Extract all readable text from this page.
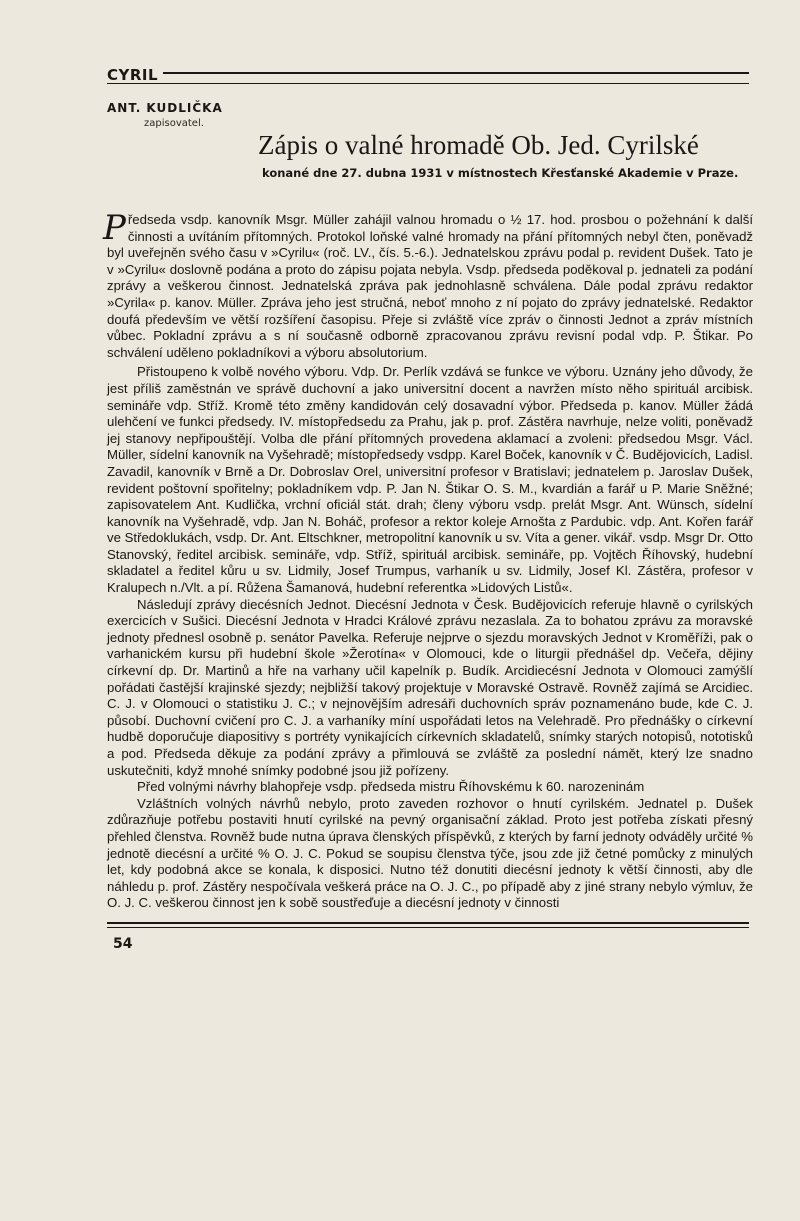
CYRIL
ANT. KUDLIČKA
zapisovatel.
Zápis o valné hromadě Ob. Jed. Cyrilské
konané dne 27. dubna 1931 v místnostech Křesťanské Akademie v Praze.

Předseda vsdp. kanovník Msgr. Müller zahájil valnou hromadu o ½ 17. hod. prosbou o požehnání k další činnosti a uvítáním přítomných. Protokol loňské valné hromady na přání přítomných nebyl čten, poněvadž byl uveřejněn svého času v »Cyrilu« (roč. LV., čís. 5.-6.). Jednatelskou zprávu podal p. revident Dušek. Tato je v »Cyrilu« doslovně podána a proto do zápisu pojata nebyla. Vsdp. předseda poděkoval p. jednateli za podání zprávy a veškerou činnost. Jednatelská zpráva pak jednohlasně schválena. Dále podal zprávu redaktor »Cyrila« p. kanov. Müller. Zpráva jeho jest stručná, neboť mnoho z ní pojato do zprávy jednatelské. Redaktor doufá především ve větší rozšíření časopisu. Přeje si zvláště více zpráv o činnosti Jednot a zpráv místních vůbec. Pokladní zprávu a s ní současně odborně zpracovanou zprávu revisní podal vdp. P. Štikar. Po schválení uděleno pokladníkovi a výboru absolutorium.

Přistoupeno k volbě nového výboru. Vdp. Dr. Perlík vzdává se funkce ve výboru. Uznány jeho důvody, že jest příliš zaměstnán ve správě duchovní a jako universitní docent a navržen místo něho spirituál arcibisk. semináře vdp. Stříž. Kromě této změny kandidován celý dosavadní výbor. Předseda p. kanov. Müller žádá ulehčení ve funkci předsedy. IV. místopředsedu za Prahu, jak p. prof. Zástěra navrhuje, nelze voliti, poněvadž jej stanovy nepřipouštějí. Volba dle přání přítomných provedena aklamací a zvoleni: předsedou Msgr. Václ. Müller, sídelní kanovník na Vyšehradě; místopředsedy vsdpp. Karel Boček, kanovník v Č. Budějovicích, Ladisl. Zavadil, kanovník v Brně a Dr. Dobroslav Orel, universitní profesor v Bratislavi; jednatelem p. Jaroslav Dušek, revident poštovní spořitelny; pokladníkem vdp. P. Jan N. Štikar O. S. M., kvardián a farář u P. Marie Sněžné; zapisovatelem Ant. Kudlička, vrchní oficiál stát. drah; členy výboru vsdp. prelát Msgr. Ant. Wünsch, sídelní kanovník na Vyšehradě, vdp. Jan N. Boháč, profesor a rektor koleje Arnošta z Pardubic. vdp. Ant. Kořen farář ve Středoklukách, vsdp. Dr. Ant. Eltschkner, metropolitní kanovník u sv. Víta a gener. vikář. vsdp. Msgr Dr. Otto Stanovský, ředitel arcibisk. semináře, vdp. Stříž, spirituál arcibisk. semináře, pp. Vojtěch Říhovský, hudební skladatel a ředitel kůru u sv. Lidmily, Josef Trumpus, varhaník u sv. Lidmily, Josef Kl. Zástěra, profesor v Kralupech n./Vlt. a pí. Růžena Šamanová, hudební referentka »Lidových Listů«.

Následují zprávy diecésních Jednot. Diecésní Jednota v Česk. Budějovicích referuje hlavně o cyrilských exercicích v Sušici. Diecésní Jednota v Hradci Králové zprávu nezaslala. Za to bohatou zprávu za moravské jednoty přednesl osobně p. senátor Pavelka. Referuje nejprve o sjezdu moravských Jednot v Kroměříži, pak o varhanickém kursu při hudební škole »Žerotína« v Olomouci, kde o liturgii přednášel dp. Večeřa, dějiny církevní dp. Dr. Martinů a hře na varhany učil kapelník p. Budík. Arcidiecésní Jednota v Olomouci zamýšlí pořádati častější krajinské sjezdy; nejbližší takový projektuje v Moravské Ostravě. Rovněž zajímá se Arcidiec. C. J. v Olomouci o statistiku J. C.; v nejnovějším adresáři duchovních správ poznamenáno bude, kde C. J. působí. Duchovní cvičení pro C. J. a varhaníky míní uspořádati letos na Velehradě. Pro přednášky o církevní hudbě doporučuje diapositivy s portréty vynikajících církevních skladatelů, snímky starých notopisů, nototisků a pod. Předseda děkuje za podání zprávy a přimlouvá se zvláště za poslední námět, který lze snadno uskutečniti, když mnohé snímky podobné jsou již pořízeny.

Před volnými návrhy blahopřeje vsdp. předseda mistru Říhovskému k 60. narozeninám

Vzláštních volných návrhů nebylo, proto zaveden rozhovor o hnutí cyrilském. Jednatel p. Dušek zdůrazňuje potřebu postaviti hnutí cyrilské na pevný organisační základ. Proto jest potřeba získati přesný přehled členstva. Rovněž bude nutna úprava členských příspěvků, z kterých by farní jednoty odváděly určité % jednotě diecésní a určité % O. J. C. Pokud se soupisu členstva týče, jsou zde již četné pomůcky z minulých let, kdy podobná akce se konala, k disposici. Nutno též donutiti diecésní jednoty k větší činnosti, aby dle náhledu p. prof. Zástěry nespočívala veškerá práce na O. J. C., po případě aby z jiné strany nebylo výmluv, že O. J. C. veškerou činnost jen k sobě soustřeďuje a diecésní jednoty v činnosti

54
